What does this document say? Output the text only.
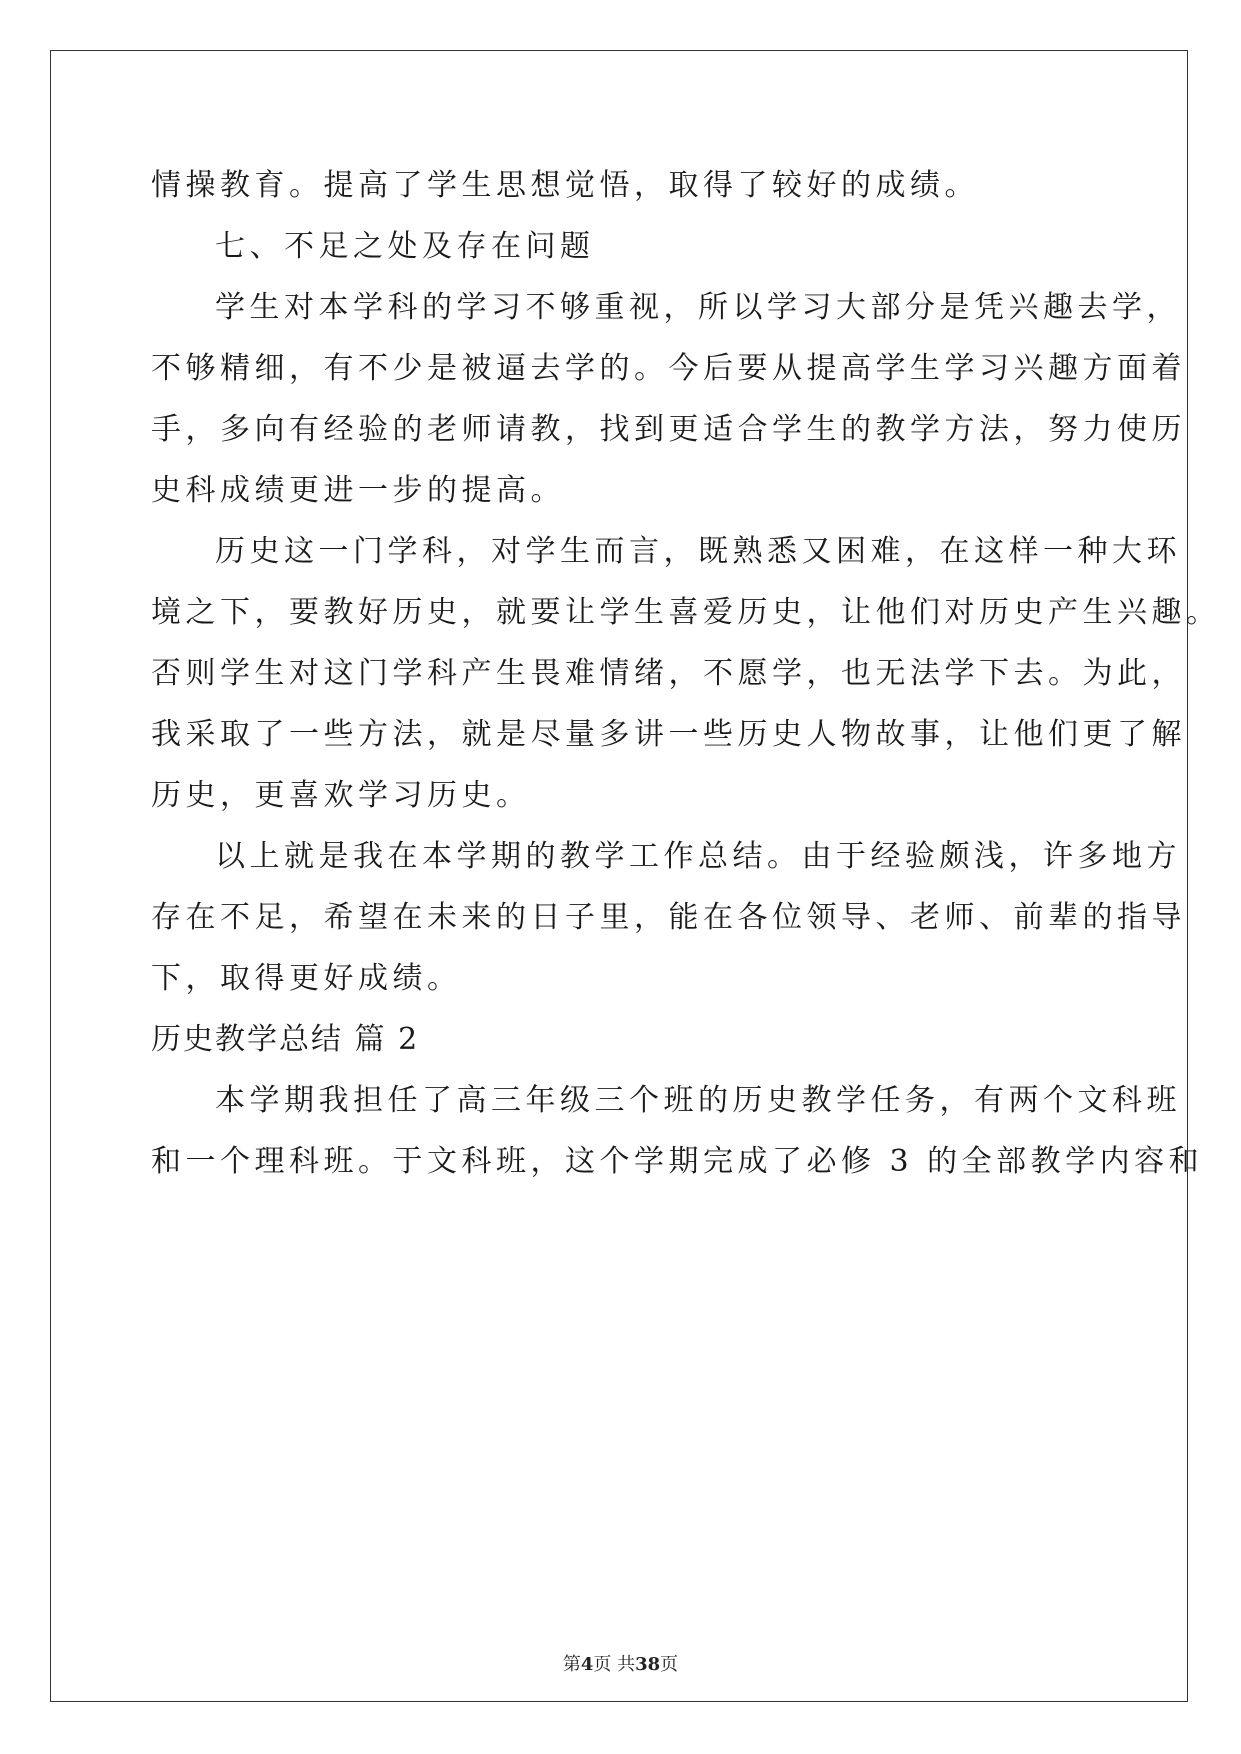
情操教育。提高了学生思想觉悟，取得了较好的成绩。
七、不足之处及存在问题
学生对本学科的学习不够重视，所以学习大部分是凭兴趣去学，
不够精细，有不少是被逼去学的。今后要从提高学生学习兴趣方面着
手，多向有经验的老师请教，找到更适合学生的教学方法，努力使历
史科成绩更进一步的提高。
历史这一门学科，对学生而言，既熟悉又困难，在这样一种大环
境之下，要教好历史，就要让学生喜爱历史，让他们对历史产生兴趣。
否则学生对这门学科产生畏难情绪，不愿学，也无法学下去。为此，
我采取了一些方法，就是尽量多讲一些历史人物故事，让他们更了解
历史，更喜欢学习历史。
以上就是我在本学期的教学工作总结。由于经验颇浅，许多地方
存在不足，希望在未来的日子里，能在各位领导、老师、前辈的指导
下，取得更好成绩。
历史教学总结 篇 2
本学期我担任了高三年级三个班的历史教学任务，有两个文科班
和一个理科班。于文科班，这个学期完成了必修 3 的全部教学内容和
第4页 共38页
